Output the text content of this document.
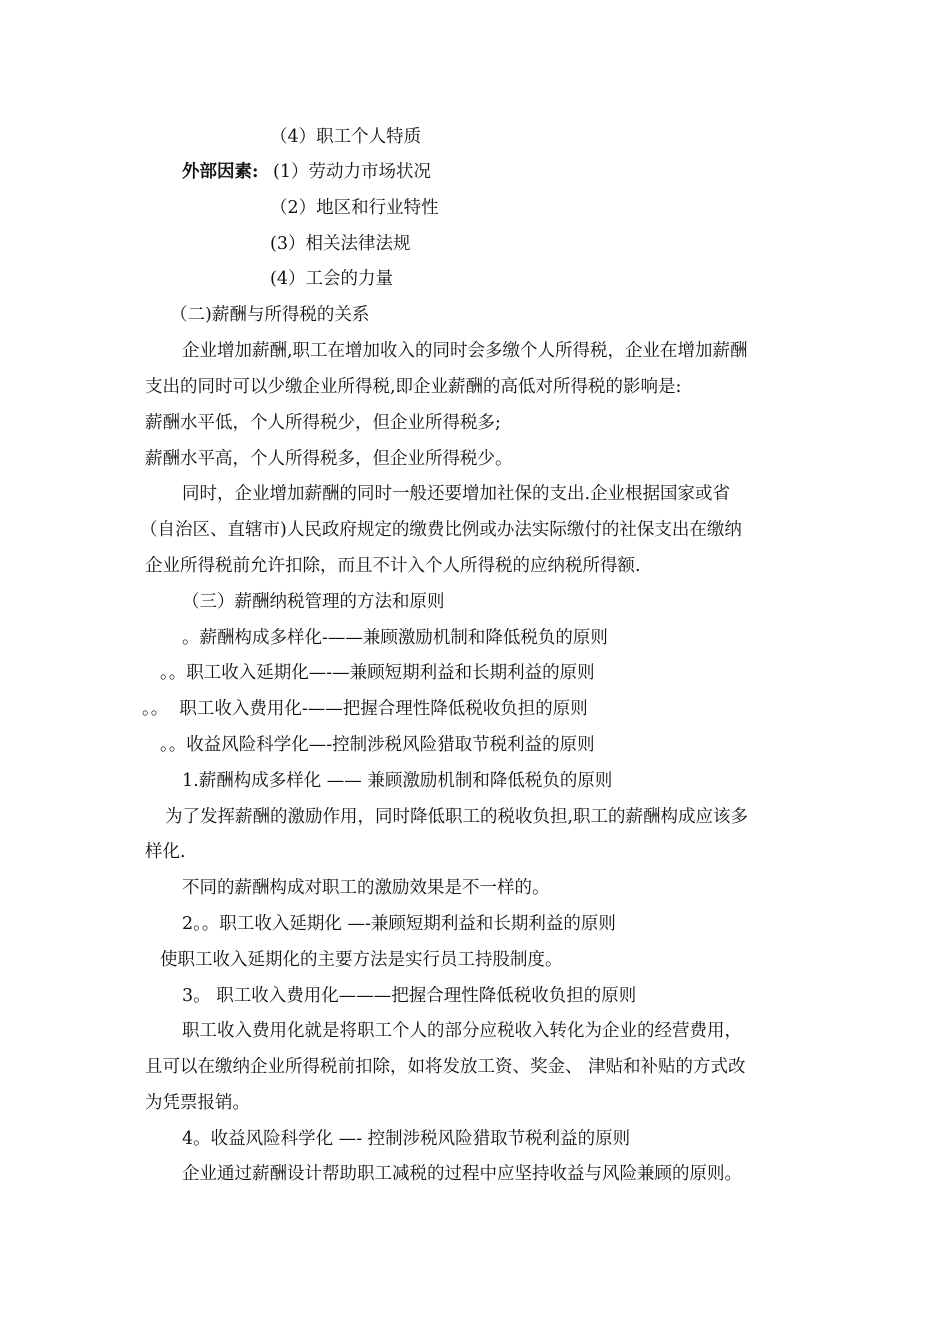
（4）职工个人特质
外部因素: (1）劳动力市场状况
（2）地区和行业特性
(3）相关法律法规
(4）工会的力量
（二)薪酬与所得税的关系
企业增加薪酬,职工在增加收入的同时会多缴个人所得税，企业在增加薪酬
支出的同时可以少缴企业所得税,即企业薪酬的高低对所得税的影响是:
薪酬水平低，个人所得税少，但企业所得税多;
薪酬水平高，个人所得税多，但企业所得税少。
同时，企业增加薪酬的同时一般还要增加社保的支出.企业根据国家或省
（自治区、直辖市)人民政府规定的缴费比例或办法实际缴付的社保支出在缴纳
企业所得税前允许扣除，而且不计入个人所得税的应纳税所得额.
（三）薪酬纳税管理的方法和原则
。薪酬构成多样化-——兼顾激励机制和降低税负的原则
。。职工收入延期化—-—兼顾短期利益和长期利益的原则
。。  职工收入费用化-——把握合理性降低税收负担的原则
。。收益风险科学化—-控制涉税风险猎取节税利益的原则
1.薪酬构成多样化 —— 兼顾激励机制和降低税负的原则
为了发挥薪酬的激励作用，同时降低职工的税收负担,职工的薪酬构成应该多
样化.
不同的薪酬构成对职工的激励效果是不一样的。
2。。职工收入延期化 —-兼顾短期利益和长期利益的原则
使职工收入延期化的主要方法是实行员工持股制度。
3。 职工收入费用化———把握合理性降低税收负担的原则
职工收入费用化就是将职工个人的部分应税收入转化为企业的经营费用，
且可以在缴纳企业所得税前扣除，如将发放工资、奖金、 津贴和补贴的方式改
为凭票报销。
4。收益风险科学化 —- 控制涉税风险猎取节税利益的原则
企业通过薪酬设计帮助职工减税的过程中应坚持收益与风险兼顾的原则。
